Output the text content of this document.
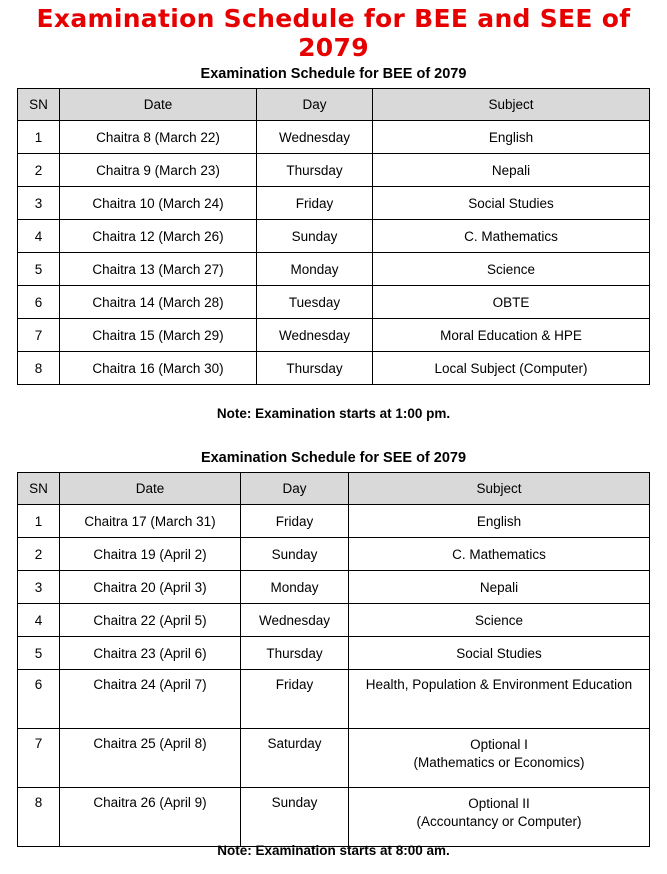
Examination Schedule for BEE and SEE of 2079
Examination Schedule for BEE of 2079
SN	Date	Day	Subject
1	Chaitra 8 (March 22)	Wednesday	English
2	Chaitra 9 (March 23)	Thursday	Nepali
3	Chaitra 10 (March 24)	Friday	Social Studies
4	Chaitra 12 (March 26)	Sunday	C. Mathematics
5	Chaitra 13 (March 27)	Monday	Science
6	Chaitra 14 (March 28)	Tuesday	OBTE
7	Chaitra 15 (March 29)	Wednesday	Moral Education & HPE
8	Chaitra 16 (March 30)	Thursday	Local Subject (Computer)
Note: Examination starts at 1:00 pm.
Examination Schedule for SEE of 2079
SN	Date	Day	Subject
1	Chaitra 17 (March 31)	Friday	English
2	Chaitra 19 (April 2)	Sunday	C. Mathematics
3	Chaitra 20 (April 3)	Monday	Nepali
4	Chaitra 22 (April 5)	Wednesday	Science
5	Chaitra 23 (April 6)	Thursday	Social Studies
6	Chaitra 24 (April 7)	Friday	Health, Population & Environment Education
7	Chaitra 25 (April 8)	Saturday	Optional I
(Mathematics or Economics)

8	Chaitra 26 (April 9)	Sunday	Optional II
(Accountancy or Computer)
Note: Examination starts at 8:00 am.
